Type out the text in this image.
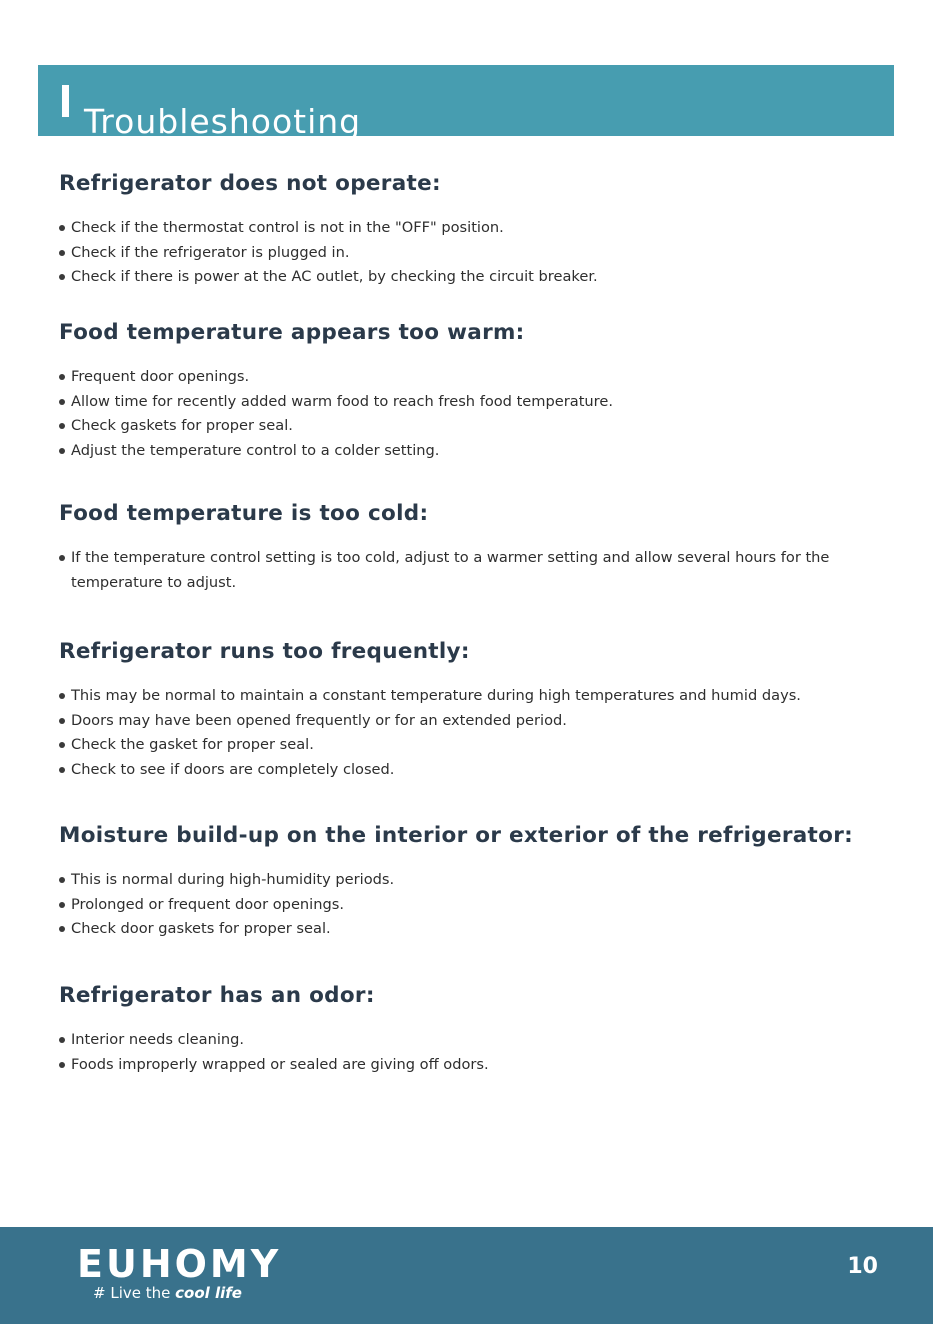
Troubleshooting
Refrigerator does not operate:
Check if the thermostat control is not in the "OFF" position.
Check if the refrigerator is plugged in.
Check if there is power at the AC outlet, by checking the circuit breaker.
Food temperature appears too warm:
Frequent door openings.
Allow time for recently added warm food to reach fresh food temperature.
Check gaskets for proper seal.
Adjust the temperature control to a colder setting.
Food temperature is too cold:
If the temperature control setting is too cold, adjust to a warmer setting and allow several hours for the temperature to adjust.
Refrigerator runs too frequently:
This may be normal to maintain a constant temperature during high temperatures and humid days.
Doors may have been opened frequently or for an extended period.
Check the gasket for proper seal.
Check to see if doors are completely closed.
Moisture build-up on the interior or exterior of the refrigerator:
This is normal during high-humidity periods.
Prolonged or frequent door openings.
Check door gaskets for proper seal.
Refrigerator has an odor:
Interior needs cleaning.
Foods improperly wrapped or sealed are giving off odors.
EUHOMY
# Live the cool life
10
